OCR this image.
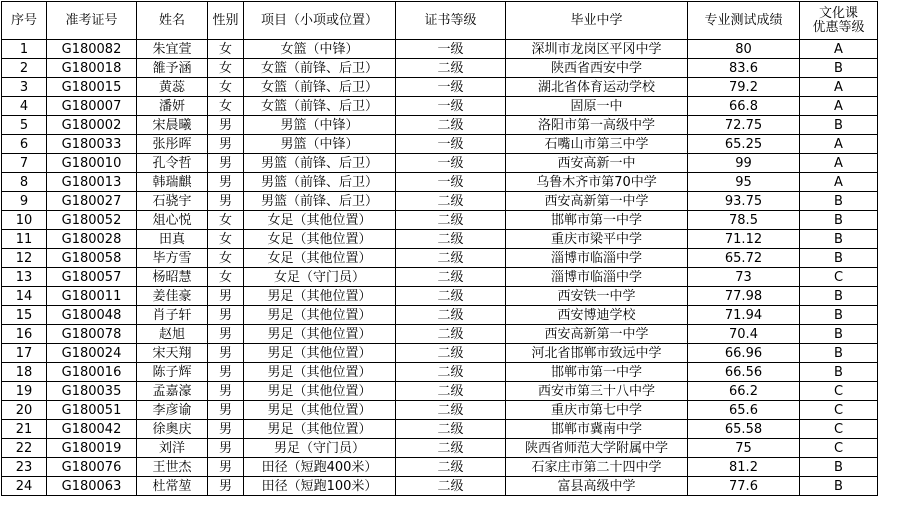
序号	准考证号	姓名	性别	项目（小项或位置）	证书等级	毕业中学	专业测试成绩	文化课
优惠等级
1	G180082	朱宜萱	女	女篮（中锋）	一级	深圳市龙岗区平冈中学	80	A
2	G180018	雒予涵	女	女篮（前锋、后卫）	二级	陕西省西安中学	83.6	B
3	G180015	黄蕊	女	女篮（前锋、后卫）	一级	湖北省体育运动学校	79.2	A
4	G180007	潘妍	女	女篮（前锋、后卫）	一级	固原一中	66.8	A
5	G180002	宋晨曦	男	男篮（中锋）	二级	洛阳市第一高级中学	72.75	B
6	G180033	张彤晖	男	男篮（中锋）	一级	石嘴山市第三中学	65.25	A
7	G180010	孔令哲	男	男篮（前锋、后卫）	一级	西安高新一中	99	A
8	G180013	韩瑞麒	男	男篮（前锋、后卫）	一级	乌鲁木齐市第70中学	95	A
9	G180027	石骁宇	男	男篮（前锋、后卫）	二级	西安高新第一中学	93.75	B
10	G180052	俎心悦	女	女足（其他位置）	二级	邯郸市第一中学	78.5	B
11	G180028	田真	女	女足（其他位置）	二级	重庆市梁平中学	71.12	B
12	G180058	毕方雪	女	女足（其他位置）	二级	淄博市临淄中学	65.72	B
13	G180057	杨昭慧	女	女足（守门员）	二级	淄博市临淄中学	73	C
14	G180011	姜佳豪	男	男足（其他位置）	二级	西安铁一中学	77.98	B
15	G180048	肖子轩	男	男足（其他位置）	二级	西安博迪学校	71.94	B
16	G180078	赵旭	男	男足（其他位置）	二级	西安高新第一中学	70.4	B
17	G180024	宋天翔	男	男足（其他位置）	二级	河北省邯郸市致远中学	66.96	B
18	G180016	陈子辉	男	男足（其他位置）	二级	邯郸市第一中学	66.56	B
19	G180035	孟嘉濠	男	男足（其他位置）	二级	西安市第三十八中学	66.2	C
20	G180051	李彦谕	男	男足（其他位置）	二级	重庆市第七中学	65.6	C
21	G180042	徐奥庆	男	男足（其他位置）	二级	邯郸市冀南中学	65.58	C
22	G180019	刘洋	男	男足（守门员）	二级	陕西省师范大学附属中学	75	C
23	G180076	王世杰	男	田径（短跑400米）	二级	石家庄市第二十四中学	81.2	B
24	G180063	杜常堃	男	田径（短跑100米）	二级	富县高级中学	77.6	B
